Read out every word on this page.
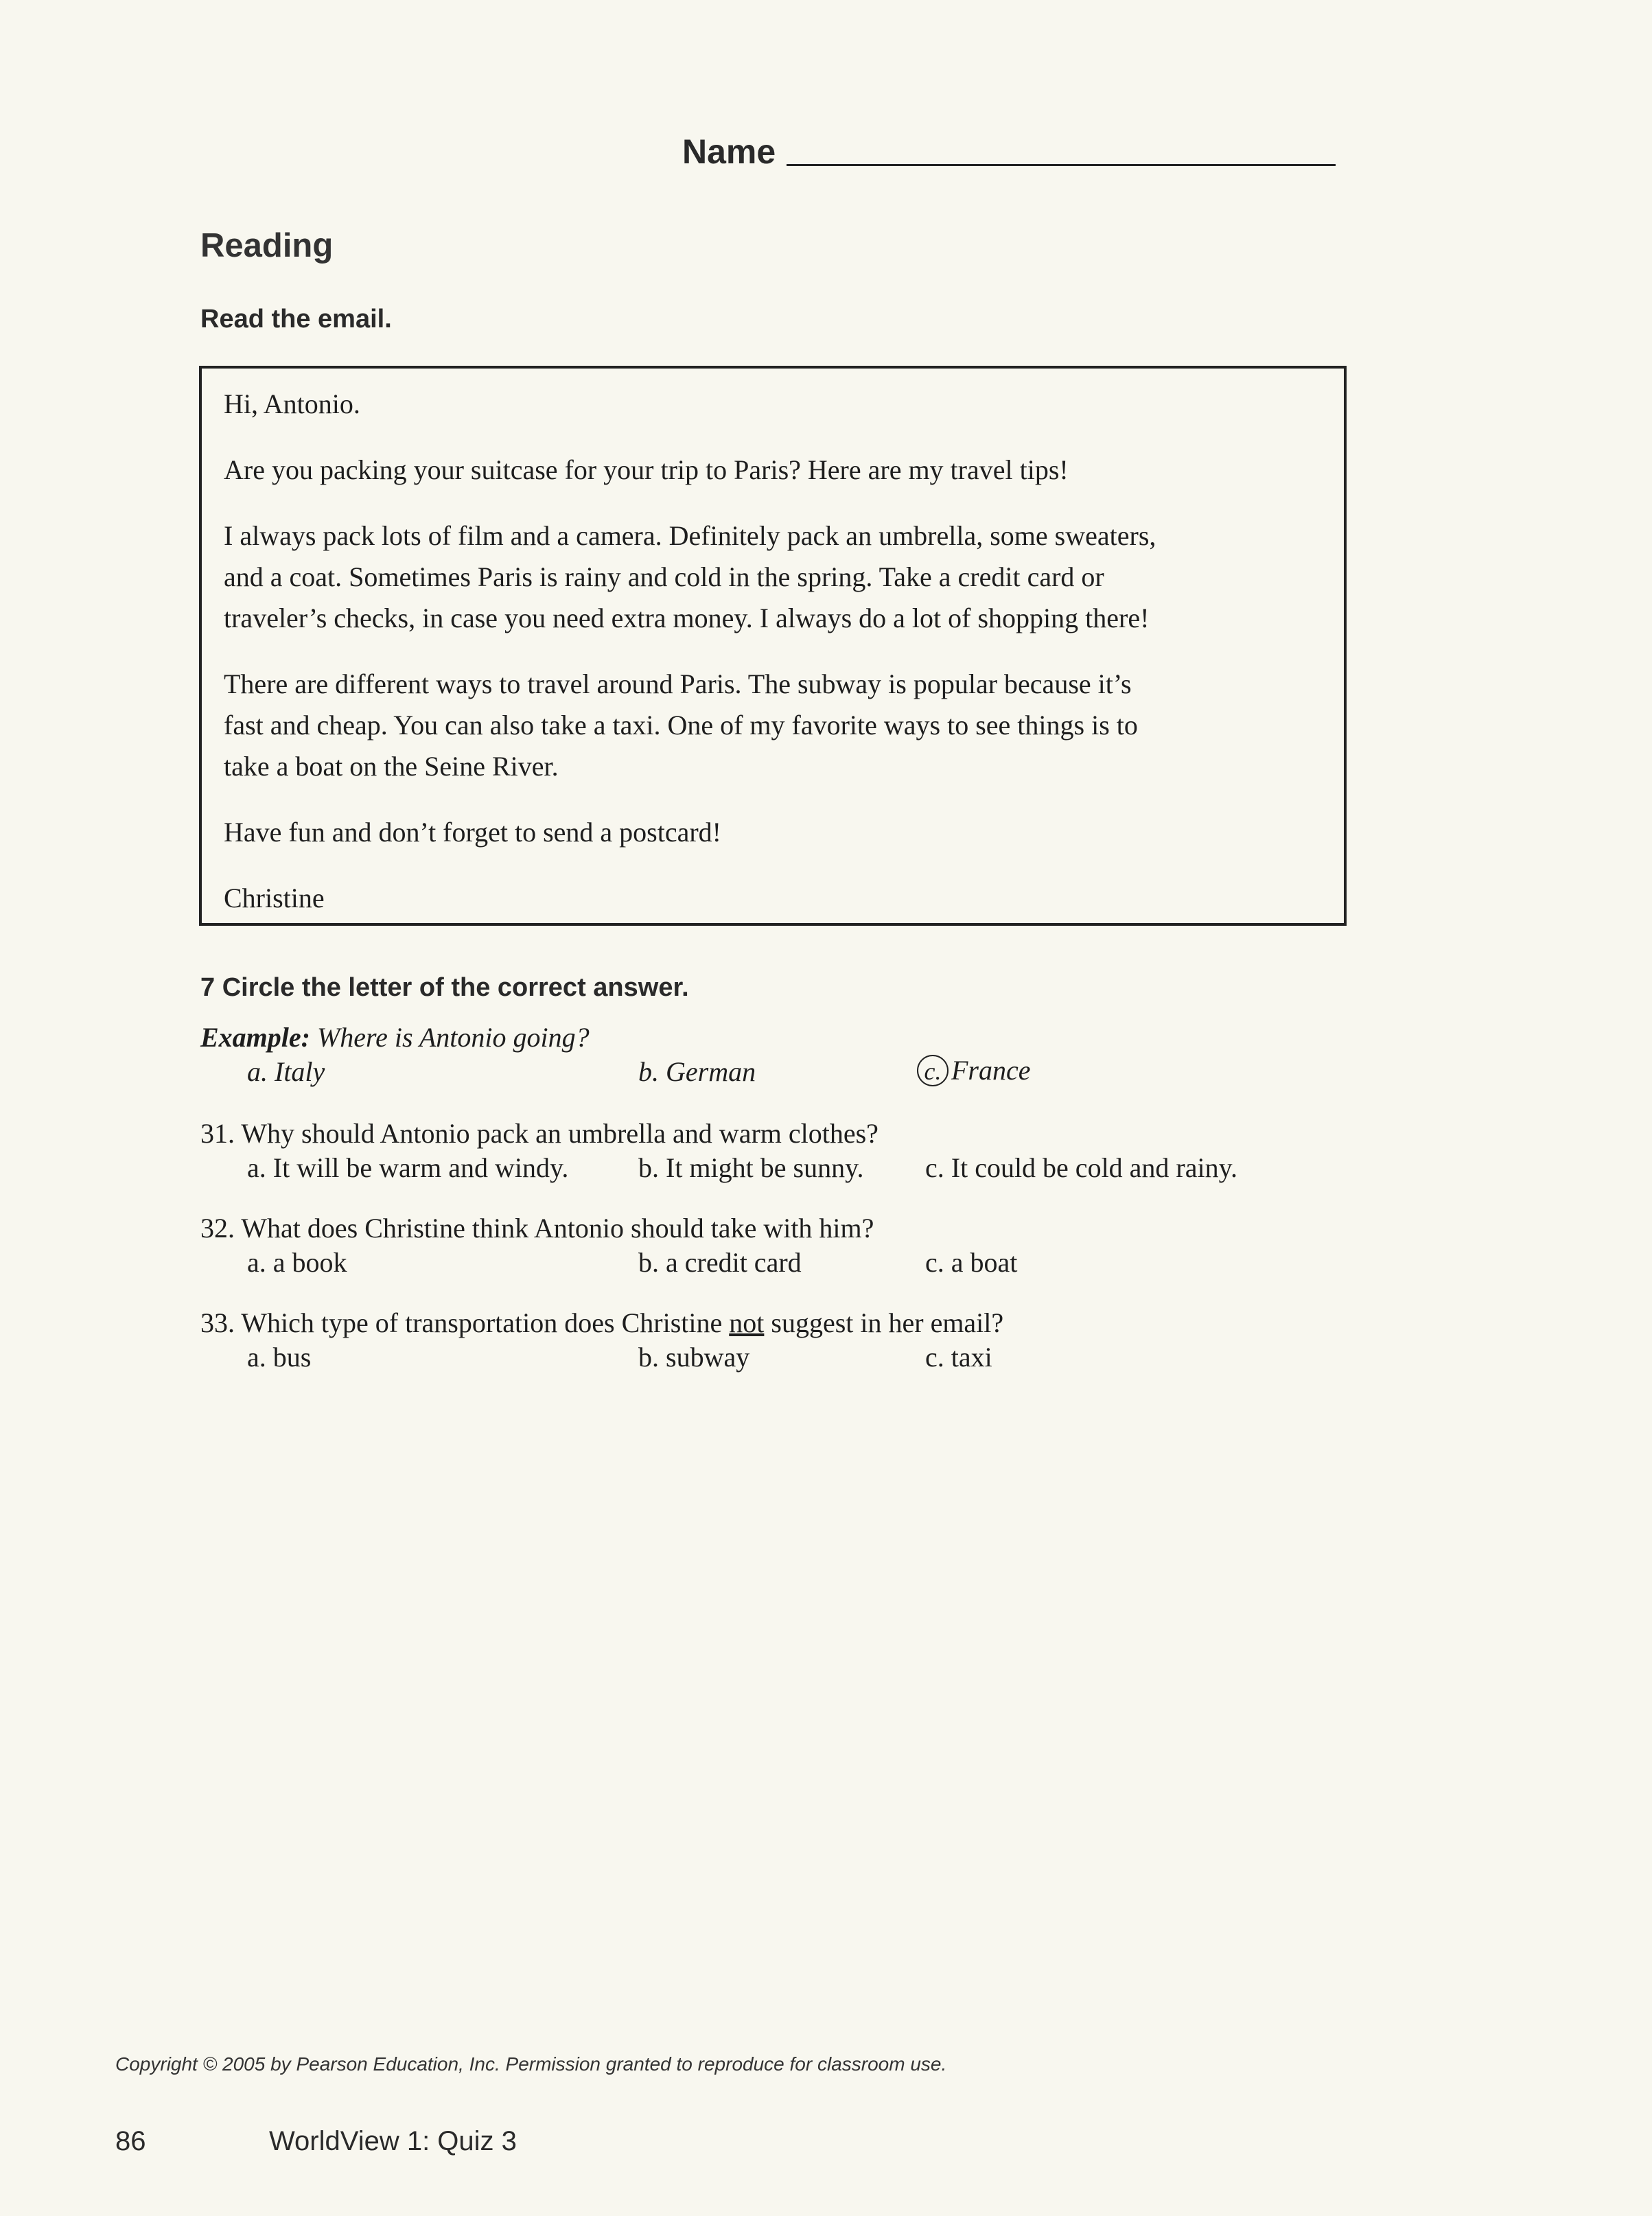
Name
Reading
Read the email.

Hi, Antonio.

Are you packing your suitcase for your trip to Paris? Here are my travel tips!

I always pack lots of film and a camera. Definitely pack an umbrella, some sweaters,

and a coat. Sometimes Paris is rainy and cold in the spring. Take a credit card or

traveler’s checks, in case you need extra money. I always do a lot of shopping there!

There are different ways to travel around Paris. The subway is popular because it’s

fast and cheap. You can also take a taxi. One of my favorite ways to see things is to

take a boat on the Seine River.

Have fun and don’t forget to send a postcard!

Christine

7 Circle the letter of the correct answer.
Example: Where is Antonio going?
a. Italy	b. German	c. France
31. Why should Antonio pack an umbrella and warm clothes?
a. It will be warm and windy.	b. It might be sunny. c. It could be cold and rainy.
32. What does Christine think Antonio should take with him?
a. a book	b. a credit card	c. a boat
33. Which type of transportation does Christine not suggest in her email?
a. bus	b. subway	c. taxi
Copyright © 2005 by Pearson Education, Inc. Permission granted to reproduce for classroom use.
86	WorldView 1: Quiz 3
